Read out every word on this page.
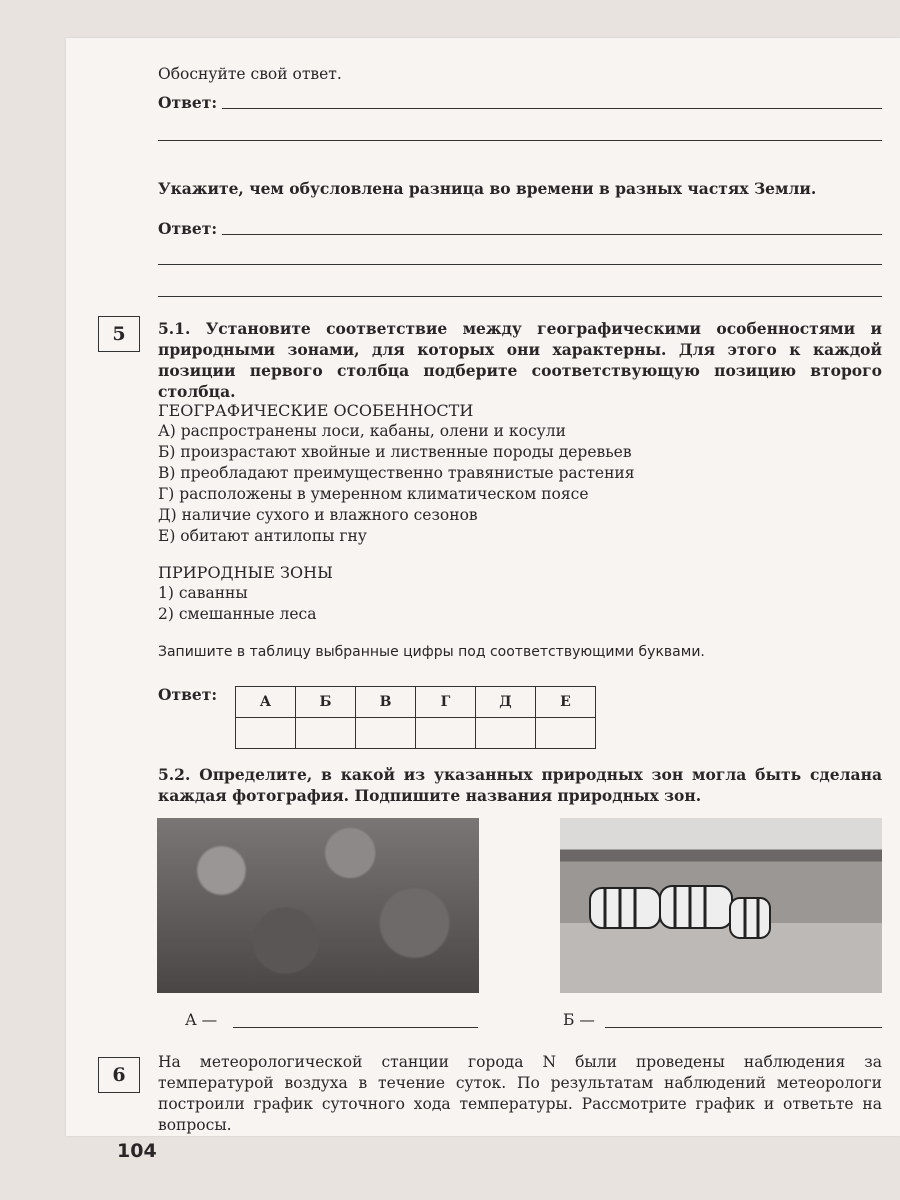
Обоснуйте свой ответ.
Ответ:
Укажите, чем обусловлена разница во времени в разных частях Земли.
Ответ:
5	5.1. Установите соответствие между географическими особенностями и природными зонами, для которых они характерны. Для этого к каждой позиции первого столбца подберите соответствующую позицию второго столбца.
ГЕОГРАФИЧЕСКИЕ ОСОБЕННОСТИ
А) распространены лоси, кабаны, олени и косули
Б) произрастают хвойные и лиственные породы деревьев
В) преобладают преимущественно травянистые растения
Г) расположены в умеренном климатическом поясе
Д) наличие сухого и влажного сезонов
Е) обитают антилопы гну
ПРИРОДНЫЕ ЗОНЫ
1) саванны
2) смешанные леса
Запишите в таблицу выбранные цифры под соответствующими буквами.
Ответ:	А	Б	В	Г	Д	Е

5.2. Определите, в какой из указанных природных зон могла быть сделана каждая фотография. Подпишите названия природных зон.
А —	Б —
6
На метеорологической станции города N были проведены наблюдения за температурой воздуха в течение суток. По результатам наблюдений метеорологи построили график суточного хода температуры. Рассмотрите график и ответьте на вопросы.
104
